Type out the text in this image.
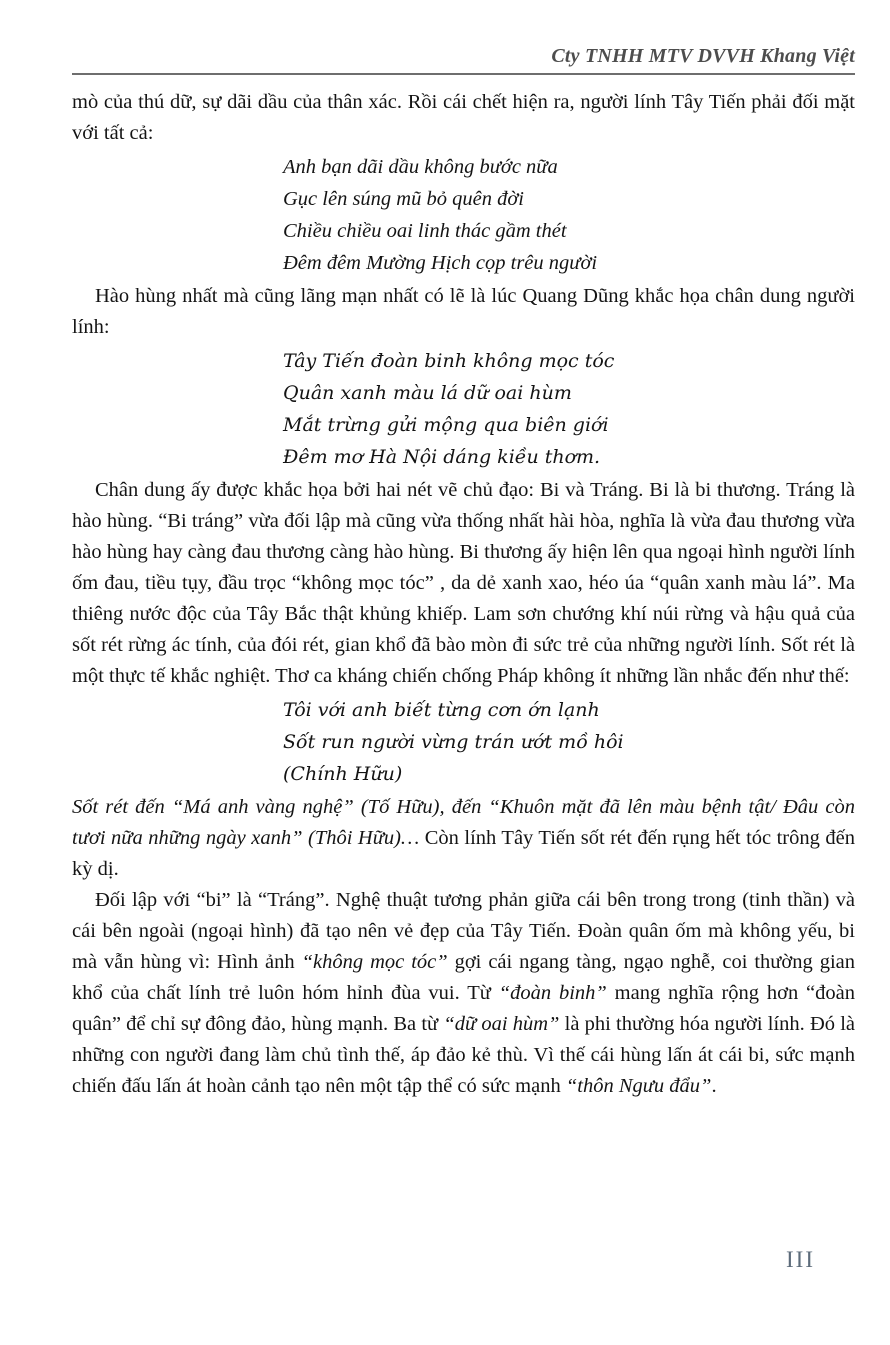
Cty TNHH MTV DVVH Khang Việt

mò của thú dữ, sự dãi dầu của thân xác. Rồi cái chết hiện ra, người lính Tây Tiến phải đối mặt với tất cả:

Anh bạn dãi dầu không bước nữa
Gục lên súng mũ bỏ quên đời
Chiều chiều oai linh thác gầm thét
Đêm đêm Mường Hịch cọp trêu người

Hào hùng nhất mà cũng lãng mạn nhất có lẽ là lúc Quang Dũng khắc họa chân dung người lính:

Tây Tiến đoàn binh không mọc tóc
Quân xanh màu lá dữ oai hùm
Mắt trừng gửi mộng qua biên giới
Đêm mơ Hà Nội dáng kiều thơm.

Chân dung ấy được khắc họa bởi hai nét vẽ chủ đạo: Bi và Tráng. Bi là bi thương. Tráng là hào hùng. “Bi tráng” vừa đối lập mà cũng vừa thống nhất hài hòa, nghĩa là vừa đau thương vừa hào hùng hay càng đau thương càng hào hùng. Bi thương ấy hiện lên qua ngoại hình người lính ốm đau, tiều tụy, đầu trọc “không mọc tóc” , da dẻ xanh xao, héo úa “quân xanh màu lá”. Ma thiêng nước độc của Tây Bắc thật khủng khiếp. Lam sơn chướng khí núi rừng và hậu quả của sốt rét rừng ác tính, của đói rét, gian khổ đã bào mòn đi sức trẻ của những người lính. Sốt rét là một thực tế khắc nghiệt. Thơ ca kháng chiến chống Pháp không ít những lần nhắc đến như thế:

Tôi với anh biết từng cơn ớn lạnh
Sốt run người vừng trán ướt mồ hôi
(Chính Hữu)

Sốt rét đến “Má anh vàng nghệ” (Tố Hữu), đến “Khuôn mặt đã lên màu bệnh tật/ Đâu còn tươi nữa những ngày xanh” (Thôi Hữu)… Còn lính Tây Tiến sốt rét đến rụng hết tóc trông đến kỳ dị.

Đối lập với “bi” là “Tráng”. Nghệ thuật tương phản giữa cái bên trong trong (tinh thần) và cái bên ngoài (ngoại hình) đã tạo nên vẻ đẹp của Tây Tiến. Đoàn quân ốm mà không yếu, bi mà vẫn hùng vì: Hình ảnh “không mọc tóc” gợi cái ngang tàng, ngạo nghễ, coi thường gian khổ của chất lính trẻ luôn hóm hỉnh đùa vui. Từ “đoàn binh” mang nghĩa rộng hơn “đoàn quân” để chỉ sự đông đảo, hùng mạnh. Ba từ “dữ oai hùm” là phi thường hóa người lính. Đó là những con người đang làm chủ tình thế, áp đảo kẻ thù. Vì thế cái hùng lấn át cái bi, sức mạnh chiến đấu lấn át hoàn cảnh tạo nên một tập thể có sức mạnh “thôn Ngưu đẩu”.

III
